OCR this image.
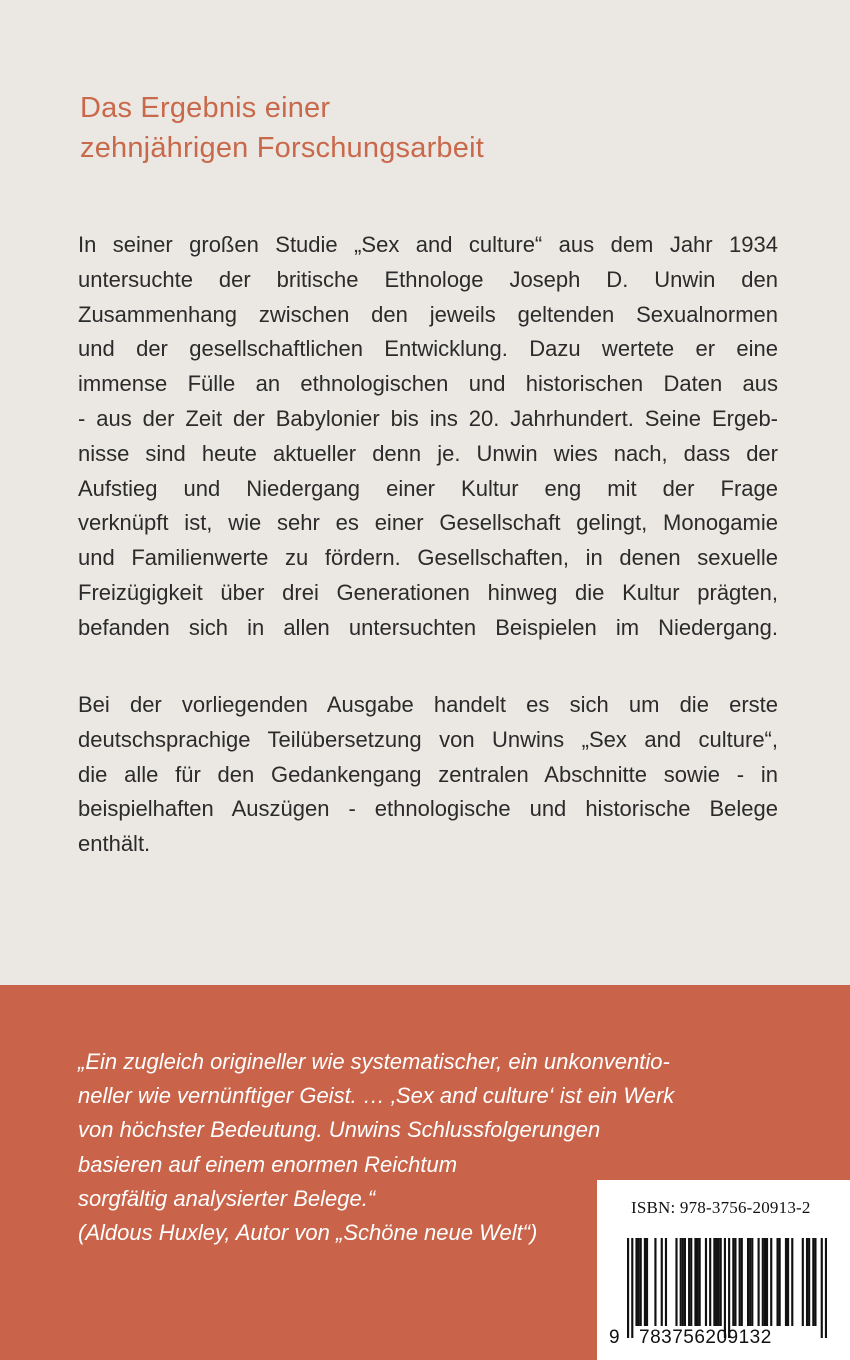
Das Ergebnis einer
zehnjährigen Forschungsarbeit
In seiner großen Studie „Sex and culture“ aus dem Jahr 1934
untersuchte der britische Ethnologe Joseph D. Unwin den
Zusammenhang zwischen den jeweils geltenden Sexualnormen
und der gesellschaftlichen Entwicklung. Dazu wertete er eine
immense Fülle an ethnologischen und historischen Daten aus
- aus der Zeit der Babylonier bis ins 20. Jahrhundert. Seine Ergeb-
nisse sind heute aktueller denn je. Unwin wies nach, dass der
Aufstieg und Niedergang einer Kultur eng mit der Frage
verknüpft ist, wie sehr es einer Gesellschaft gelingt, Monogamie
und Familienwerte zu fördern. Gesellschaften, in denen sexuelle
Freizügigkeit über drei Generationen hinweg die Kultur prägten,
befanden sich in allen untersuchten Beispielen im Niedergang.
Bei der vorliegenden Ausgabe handelt es sich um die erste
deutschsprachige Teilübersetzung von Unwins „Sex and culture“,
die alle für den Gedankengang zentralen Abschnitte sowie - in
beispielhaften Auszügen - ethnologische und historische Belege
enthält.
„Ein zugleich origineller wie systematischer, ein unkonventio-
neller wie vernünftiger Geist. … ‚Sex and culture‘ ist ein Werk
von höchster Bedeutung. Unwins Schlussfolgerungen
basieren auf einem enormen Reichtum
sorgfältig analysierter Belege.“
(Aldous Huxley, Autor von „Schöne neue Welt“)
ISBN: 978-3756-20913-2
9 783756209132
